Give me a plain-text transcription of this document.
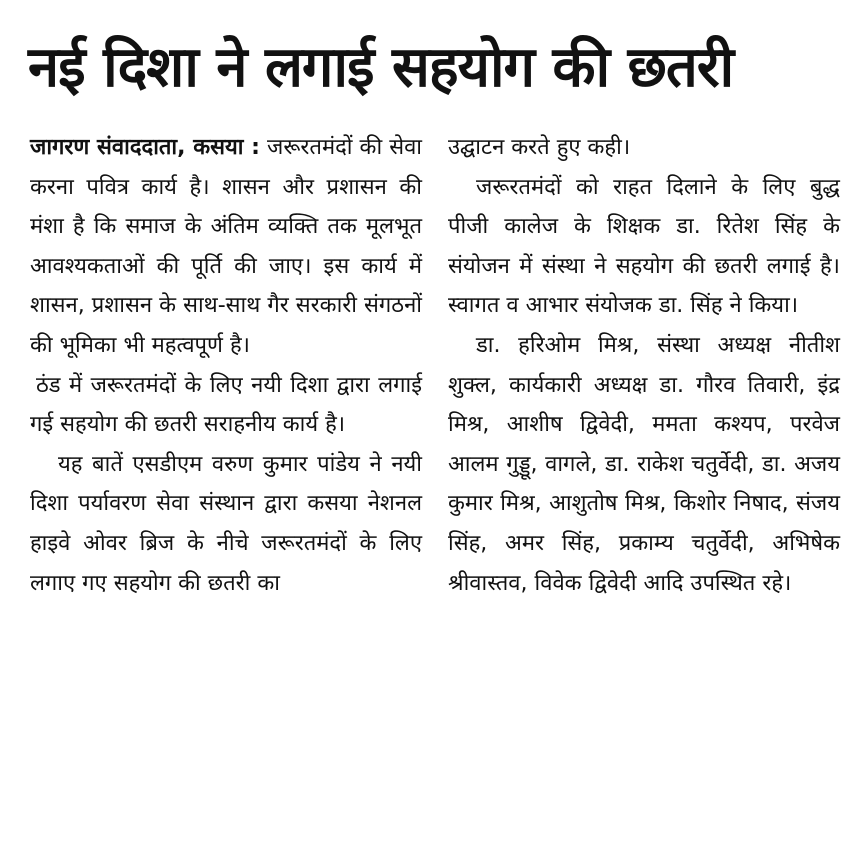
नई दिशा ने लगाई सहयोग की छतरी

जागरण संवाददाता, कसया : जरूरतमंदों की सेवा करना पवित्र कार्य है। शासन और प्रशासन की मंशा है कि समाज के अंतिम व्यक्ति तक मूलभूत आवश्यकताओं की पूर्ति की जाए। इस कार्य में शासन, प्रशासन के साथ-साथ गैर सरकारी संगठनों की भूमिका भी महत्वपूर्ण है।

ठंड में जरूरतमंदों के लिए नयी दिशा द्वारा लगाई गई सहयोग की छतरी सराहनीय कार्य है।

यह बातें एसडीएम वरुण कुमार पांडेय ने नयी दिशा पर्यावरण सेवा संस्थान द्वारा कसया नेशनल हाइवे ओवर ब्रिज के नीचे जरूरतमंदों के लिए लगाए गए सहयोग की छतरी का

उद्घाटन करते हुए कही।

जरूरतमंदों को राहत दिलाने के लिए बुद्ध पीजी कालेज के शिक्षक डा. रितेश सिंह के संयोजन में संस्था ने सहयोग की छतरी लगाई है। स्वागत व आभार संयोजक डा. सिंह ने किया।

डा. हरिओम मिश्र, संस्था अध्यक्ष नीतीश शुक्ल, कार्यकारी अध्यक्ष डा. गौरव तिवारी, इंद्र मिश्र, आशीष द्विवेदी, ममता कश्यप, परवेज आलम गुड्डू, वागले, डा. राकेश चतुर्वेदी, डा. अजय कुमार मिश्र, आशुतोष मिश्र, किशोर निषाद, संजय सिंह, अमर सिंह, प्रकाम्य चतुर्वेदी, अभिषेक श्रीवास्तव, विवेक द्विवेदी आदि उपस्थित रहे।
